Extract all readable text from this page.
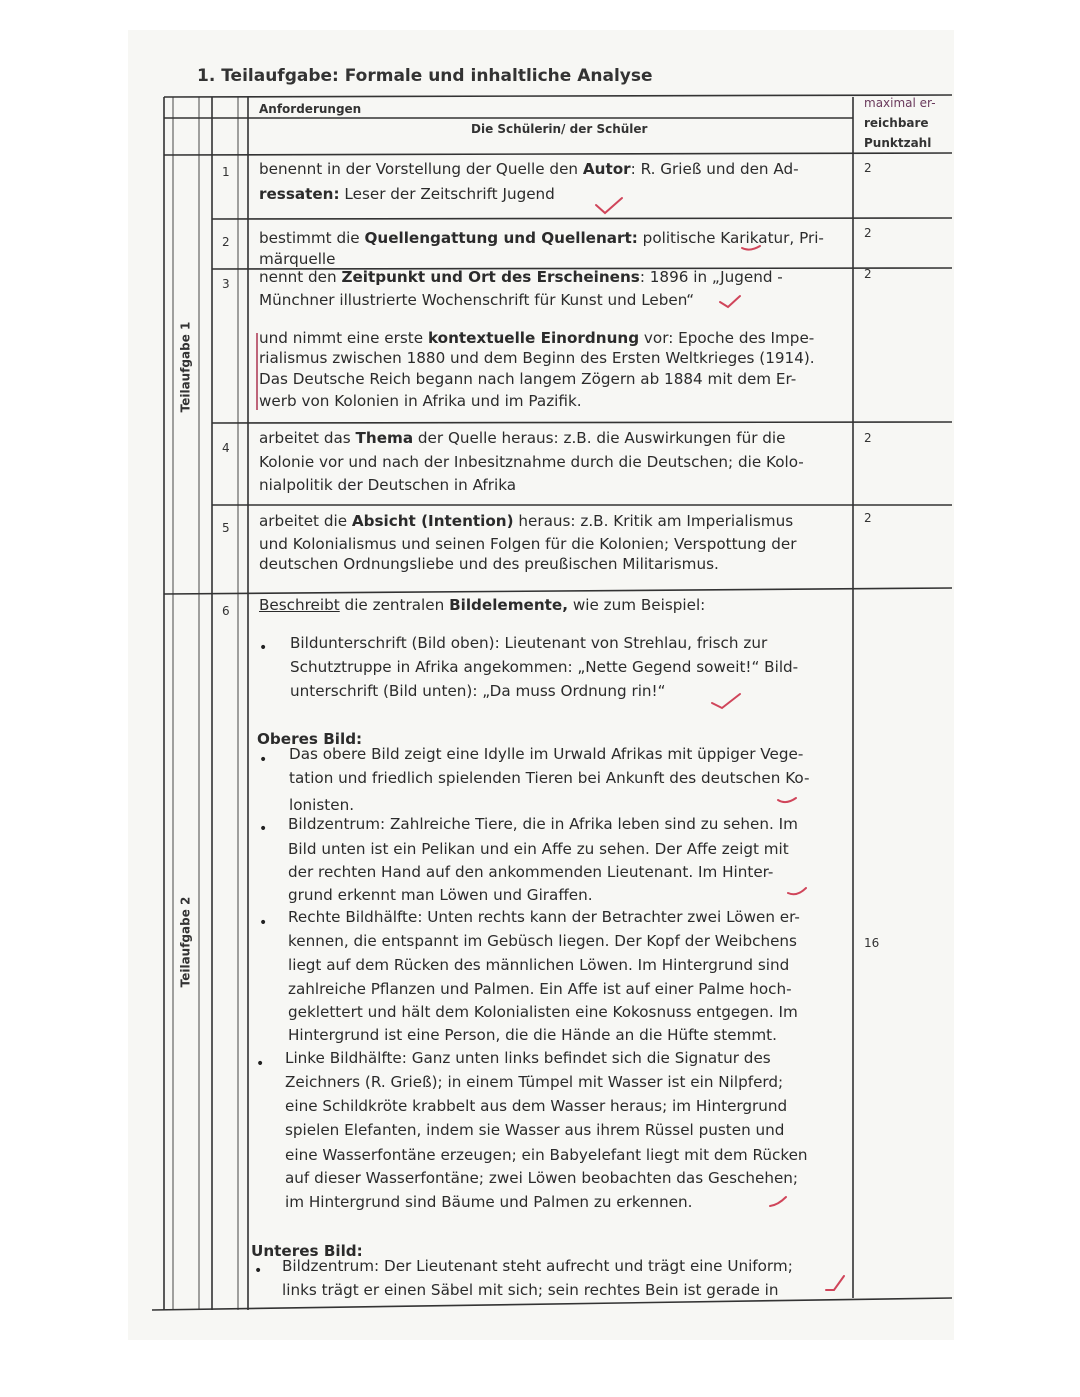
1. Teilaufgabe: Formale und inhaltliche Analyse
Anforderungen
Die Schülerin/ der Schüler
maximal er-
reichbare
Punktzahl
Teilaufgabe 1
Teilaufgabe 2
1
2
3
4
5
6
2
2
2
2
2
16
benennt in der Vorstellung der Quelle den Autor: R. Grieß und den Ad-
ressaten: Leser der Zeitschrift Jugend
bestimmt die Quellengattung und Quellenart: politische Karikatur, Pri-
märquelle
nennt den Zeitpunkt und Ort des Erscheinens: 1896 in „Jugend -
Münchner illustrierte Wochenschrift für Kunst und Leben“
und nimmt eine erste kontextuelle Einordnung vor: Epoche des Impe-
rialismus zwischen 1880 und dem Beginn des Ersten Weltkrieges (1914).
Das Deutsche Reich begann nach langem Zögern ab 1884 mit dem Er-
werb von Kolonien in Afrika und im Pazifik.
arbeitet das Thema der Quelle heraus: z.B. die Auswirkungen für die
Kolonie vor und nach der Inbesitznahme durch die Deutschen; die Kolo-
nialpolitik der Deutschen in Afrika
arbeitet die Absicht (Intention) heraus: z.B. Kritik am Imperialismus
und Kolonialismus und seinen Folgen für die Kolonien; Verspottung der
deutschen Ordnungsliebe und des preußischen Militarismus.
Beschreibt die zentralen Bildelemente, wie zum Beispiel:
• Bildunterschrift (Bild oben): Lieutenant von Strehlau, frisch zur
Schutztruppe in Afrika angekommen: „Nette Gegend soweit!“ Bild-
unterschrift (Bild unten): „Da muss Ordnung rin!“
Oberes Bild:
• Das obere Bild zeigt eine Idylle im Urwald Afrikas mit üppiger Vege-
tation und friedlich spielenden Tieren bei Ankunft des deutschen Ko-
lonisten.
• Bildzentrum: Zahlreiche Tiere, die in Afrika leben sind zu sehen. Im
Bild unten ist ein Pelikan und ein Affe zu sehen. Der Affe zeigt mit
der rechten Hand auf den ankommenden Lieutenant. Im Hinter-
grund erkennt man Löwen und Giraffen.
• Rechte Bildhälfte: Unten rechts kann der Betrachter zwei Löwen er-
kennen, die entspannt im Gebüsch liegen. Der Kopf der Weibchens
liegt auf dem Rücken des männlichen Löwen. Im Hintergrund sind
zahlreiche Pflanzen und Palmen. Ein Affe ist auf einer Palme hoch-
geklettert und hält dem Kolonialisten eine Kokosnuss entgegen. Im
Hintergrund ist eine Person, die die Hände an die Hüfte stemmt.
• Linke Bildhälfte: Ganz unten links befindet sich die Signatur des
Zeichners (R. Grieß); in einem Tümpel mit Wasser ist ein Nilpferd;
eine Schildkröte krabbelt aus dem Wasser heraus; im Hintergrund
spielen Elefanten, indem sie Wasser aus ihrem Rüssel pusten und
eine Wasserfontäne erzeugen; ein Babyelefant liegt mit dem Rücken
auf dieser Wasserfontäne; zwei Löwen beobachten das Geschehen;
im Hintergrund sind Bäume und Palmen zu erkennen.
Unteres Bild:
• Bildzentrum: Der Lieutenant steht aufrecht und trägt eine Uniform;
links trägt er einen Säbel mit sich; sein rechtes Bein ist gerade in
